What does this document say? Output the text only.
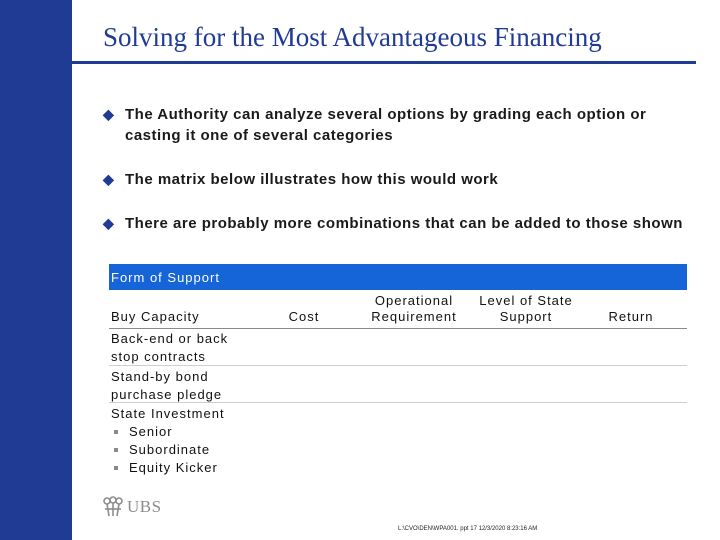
Solving for the Most Advantageous Financing
◆ The Authority can analyze several options by grading each option or casting it one of several categories
◆ The matrix below illustrates how this would work
◆ There are probably more combinations that can be added to those shown
Form of Support
Buy Capacity	Cost
Operational Requirement
Level of State Support	Return
Back-end or back stop contracts
Stand-by bond purchase pledge
State Investment
Senior
Subordinate
Equity Kicker
UBS
L:\CVO\DEN\WPA001. ppt 17 12/3/2020 8:23:16 AM
